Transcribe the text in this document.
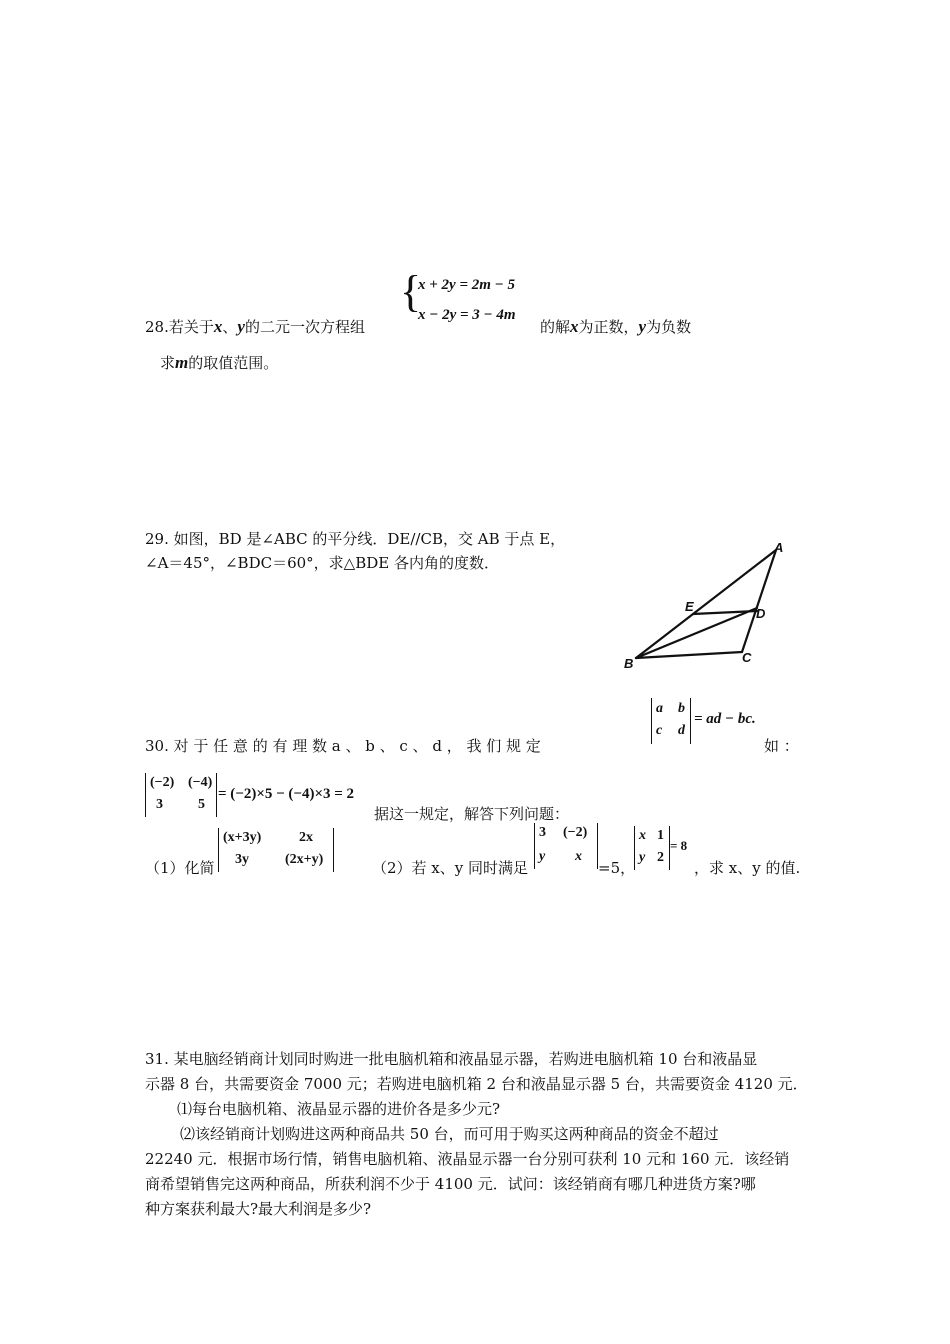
{
x + 2y = 2m − 5
x − 2y = 3 − 4m
28.若关于x、y的二元一次方程组	的解x为正数，y为负数
求m的取值范围。
29. 如图，BD 是∠ABC 的平分线．DE//CB，交 AB 于点 E，
∠A＝45°，∠BDC＝60°，求△BDE 各内角的度数．
A
E	D
B	C
30. 对 于 任 意 的 有 理 数 a 、 b 、 c 、 d ， 我 们 规 定
a b
c d
= ad − bc.
如 ：
(−2) (−4)
3	5
= (−2)×5 − (−4)×3 = 2
据这一规定，解答下列问题：
（1）化简
(x+3y)	2x
3y	(2x+y)	（2）若 x、y 同时满足
3 (−2)
y x
=5，
x 1
y 2
= 8
，求 x、y 的值.
31. 某电脑经销商计划同时购进一批电脑机箱和液晶显示器，若购进电脑机箱 10 台和液晶显
示器 8 台，共需要资金 7000 元；若购进电脑机箱 2 台和液晶显示器 5 台，共需要资金 4120 元．
⑴每台电脑机箱、液晶显示器的进价各是多少元?
⑵该经销商计划购进这两种商品共 50 台，而可用于购买这两种商品的资金不超过
22240 元．根据市场行情，销售电脑机箱、液晶显示器一台分别可获利 10 元和 160 元．该经销
商希望销售完这两种商品，所获利润不少于 4100 元．试问：该经销商有哪几种进货方案?哪
种方案获利最大?最大利润是多少?
